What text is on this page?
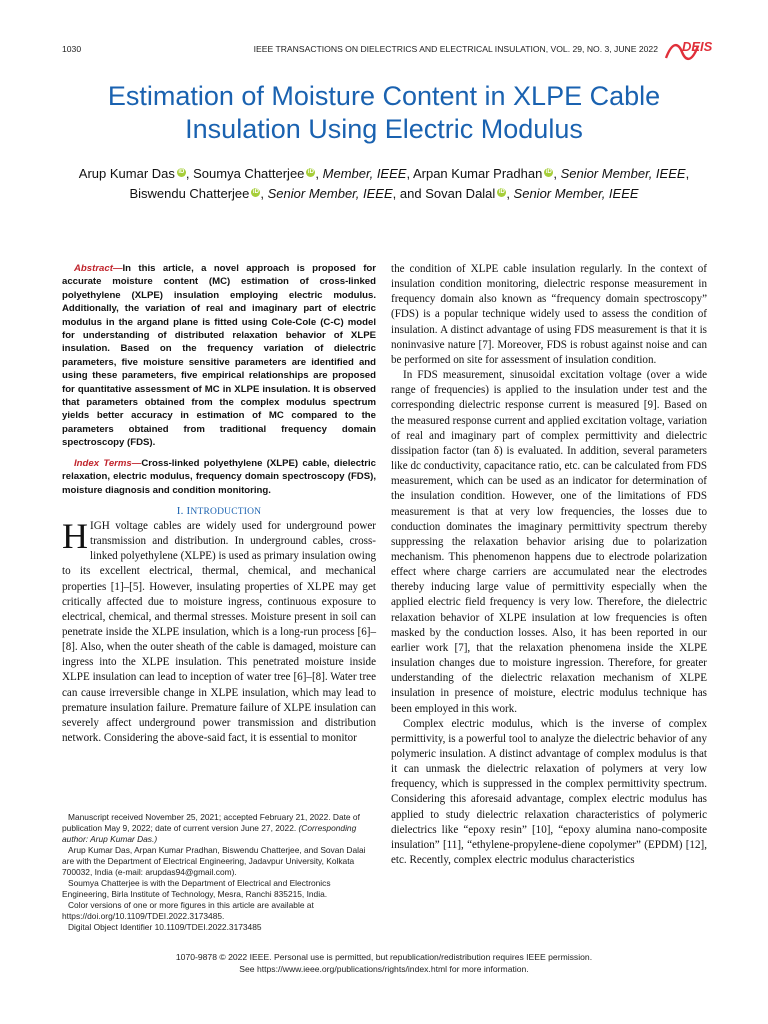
1030	IEEE TRANSACTIONS ON DIELECTRICS AND ELECTRICAL INSULATION, VOL. 29, NO. 3, JUNE 2022 DEIS
Estimation of Moisture Content in XLPE Cable
Insulation Using Electric Modulus
Arup Kumar Das iD , Soumya Chatterjee iD , Member, IEEE, Arpan Kumar Pradhan iD , Senior Member, IEEE,
Biswendu Chatterjee iD , Senior Member, IEEE, and Sovan Dalal iD , Senior Member, IEEE
Abstract—In this article, a novel approach is proposed for accurate moisture content (MC) estimation of cross-linked polyethylene (XLPE) insulation employing electric modulus. Additionally, the variation of real and imaginary part of electric modulus in the argand plane is fitted using Cole-Cole (C-C) model for understanding of distributed relaxation behavior of XLPE insulation. Based on the frequency variation of dielectric parameters, five moisture sensitive parameters are identified and using these parameters, five empirical relationships are proposed for quantitative assessment of MC in XLPE insulation. It is observed that parameters obtained from the complex modulus spectrum yields better accuracy in estimation of MC compared to the parameters obtained from traditional frequency domain spectroscopy (FDS).
Index Terms—Cross-linked polyethylene (XLPE) cable, dielectric relaxation, electric modulus, frequency domain spectroscopy (FDS), moisture diagnosis and condition monitoring.
I. INTRODUCTION

HIGH voltage cables are widely used for underground power transmission and distribution. In underground cables, cross-linked polyethylene (XLPE) is used as primary insulation owing to its excellent electrical, thermal, chemical, and mechanical properties [1]–[5]. However, insulating properties of XLPE may get critically affected due to moisture ingress, continuous exposure to electrical, chemical, and thermal stresses. Moisture present in soil can penetrate inside the XLPE insulation, which is a long-run process [6]–[8]. Also, when the outer sheath of the cable is damaged, moisture can ingress into the XLPE insulation. This penetrated moisture inside XLPE insulation can lead to inception of water tree [6]–[8]. Water tree can cause irreversible change in XLPE insulation, which may lead to premature insulation failure. Premature failure of XLPE insulation can severely affect underground power transmission and distribution network. Considering the above-said fact, it is essential to monitor

Manuscript received November 25, 2021; accepted February 21, 2022. Date of publication May 9, 2022; date of current version June 27, 2022. (Corresponding author: Arup Kumar Das.)

Arup Kumar Das, Arpan Kumar Pradhan, Biswendu Chatterjee, and Sovan Dalai are with the Department of Electrical Engineering, Jadavpur University, Kolkata 700032, India (e-mail: arupdas94@gmail.com).

Soumya Chatterjee is with the Department of Electrical and Electronics Engineering, Birla Institute of Technology, Mesra, Ranchi 835215, India.

Color versions of one or more figures in this article are available at https://doi.org/10.1109/TDEI.2022.3173485.

Digital Object Identifier 10.1109/TDEI.2022.3173485

the condition of XLPE cable insulation regularly. In the context of insulation condition monitoring, dielectric response measurement in frequency domain also known as “frequency domain spectroscopy” (FDS) is a popular technique widely used to assess the condition of insulation. A distinct advantage of using FDS measurement is that it is noninvasive nature [7]. Moreover, FDS is robust against noise and can be performed on site for assessment of insulation condition.

In FDS measurement, sinusoidal excitation voltage (over a wide range of frequencies) is applied to the insulation under test and the corresponding dielectric response current is measured [9]. Based on the measured response current and applied excitation voltage, variation of real and imaginary part of complex permittivity and dielectric dissipation factor (tan δ) is evaluated. In addition, several parameters like dc conductivity, capacitance ratio, etc. can be calculated from FDS measurement, which can be used as an indicator for determination of the insulation condition. However, one of the limitations of FDS measurement is that at very low frequencies, the losses due to conduction dominates the imaginary permittivity spectrum thereby suppressing the relaxation behavior arising due to polarization mechanism. This phenomenon happens due to electrode polarization effect where charge carriers are accumulated near the electrodes thereby inducing large value of permittivity especially when the applied electric field frequency is very low. Therefore, the dielectric relaxation behavior of XLPE insulation at low frequencies is often masked by the conduction losses. Also, it has been reported in our earlier work [7], that the relaxation phenomena inside the XLPE insulation changes due to moisture ingression. Therefore, for greater understanding of the dielectric relaxation mechanism of XLPE insulation in presence of moisture, electric modulus technique has been employed in this work.

Complex electric modulus, which is the inverse of complex permittivity, is a powerful tool to analyze the dielectric behavior of any polymeric insulation. A distinct advantage of complex modulus is that it can unmask the dielectric relaxation of polymers at very low frequency, which is suppressed in the complex permittivity spectrum. Considering this aforesaid advantage, complex electric modulus has applied to study dielectric relaxation characteristics of polymeric dielectrics like “epoxy resin” [10], “epoxy alumina nano-composite insulation” [11], “ethylene-propylene-diene copolymer” (EPDM) [12], etc. Recently, complex electric modulus characteristics

1070-9878 © 2022 IEEE. Personal use is permitted, but republication/redistribution requires IEEE permission.
See https://www.ieee.org/publications/rights/index.html for more information.
